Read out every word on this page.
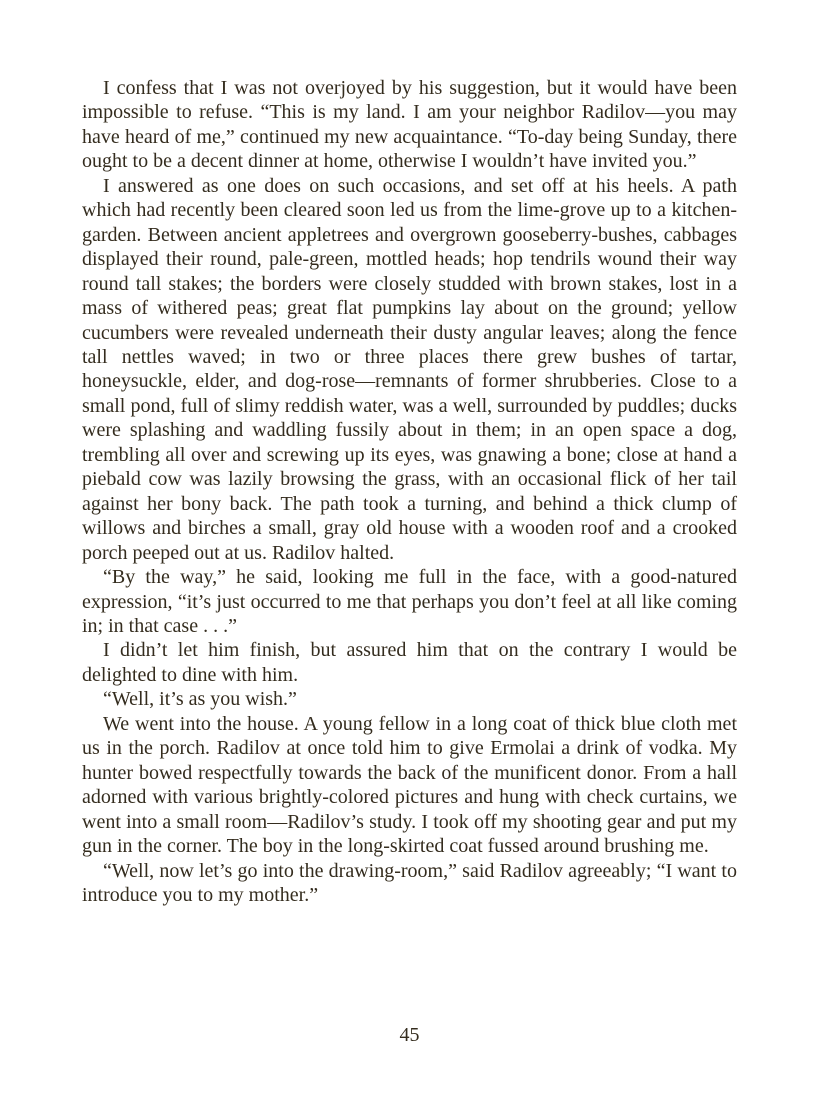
I confess that I was not overjoyed by his suggestion, but it would have been impossible to refuse. “This is my land. I am your neighbor Radilov—you may have heard of me,” continued my new acquaintance. “To-day being Sunday, there ought to be a decent dinner at home, otherwise I wouldn’t have invited you.”

I answered as one does on such occasions, and set off at his heels. A path which had recently been cleared soon led us from the lime-grove up to a kitchen-garden. Between ancient appletrees and overgrown gooseberry-bushes, cabbages displayed their round, pale-green, mottled heads; hop tendrils wound their way round tall stakes; the borders were closely studded with brown stakes, lost in a mass of withered peas; great flat pumpkins lay about on the ground; yellow cucumbers were revealed underneath their dusty angular leaves; along the fence tall nettles waved; in two or three places there grew bushes of tartar, honeysuckle, elder, and dog-rose—remnants of former shrubberies. Close to a small pond, full of slimy reddish water, was a well, surrounded by puddles; ducks were splashing and waddling fussily about in them; in an open space a dog, trembling all over and screwing up its eyes, was gnawing a bone; close at hand a piebald cow was lazily browsing the grass, with an occasional flick of her tail against her bony back. The path took a turning, and behind a thick clump of willows and birches a small, gray old house with a wooden roof and a crooked porch peeped out at us. Radilov halted.

“By the way,” he said, looking me full in the face, with a good-natured expression, “it’s just occurred to me that perhaps you don’t feel at all like coming in; in that case . . .”

I didn’t let him finish, but assured him that on the contrary I would be delighted to dine with him.

“Well, it’s as you wish.”

We went into the house. A young fellow in a long coat of thick blue cloth met us in the porch. Radilov at once told him to give Ermolai a drink of vodka. My hunter bowed respectfully towards the back of the munificent donor. From a hall adorned with various brightly-colored pictures and hung with check curtains, we went into a small room—Radilov’s study. I took off my shooting gear and put my gun in the corner. The boy in the long-skirted coat fussed around brushing me.

“Well, now let’s go into the drawing-room,” said Radilov agreeably; “I want to introduce you to my mother.”

45
